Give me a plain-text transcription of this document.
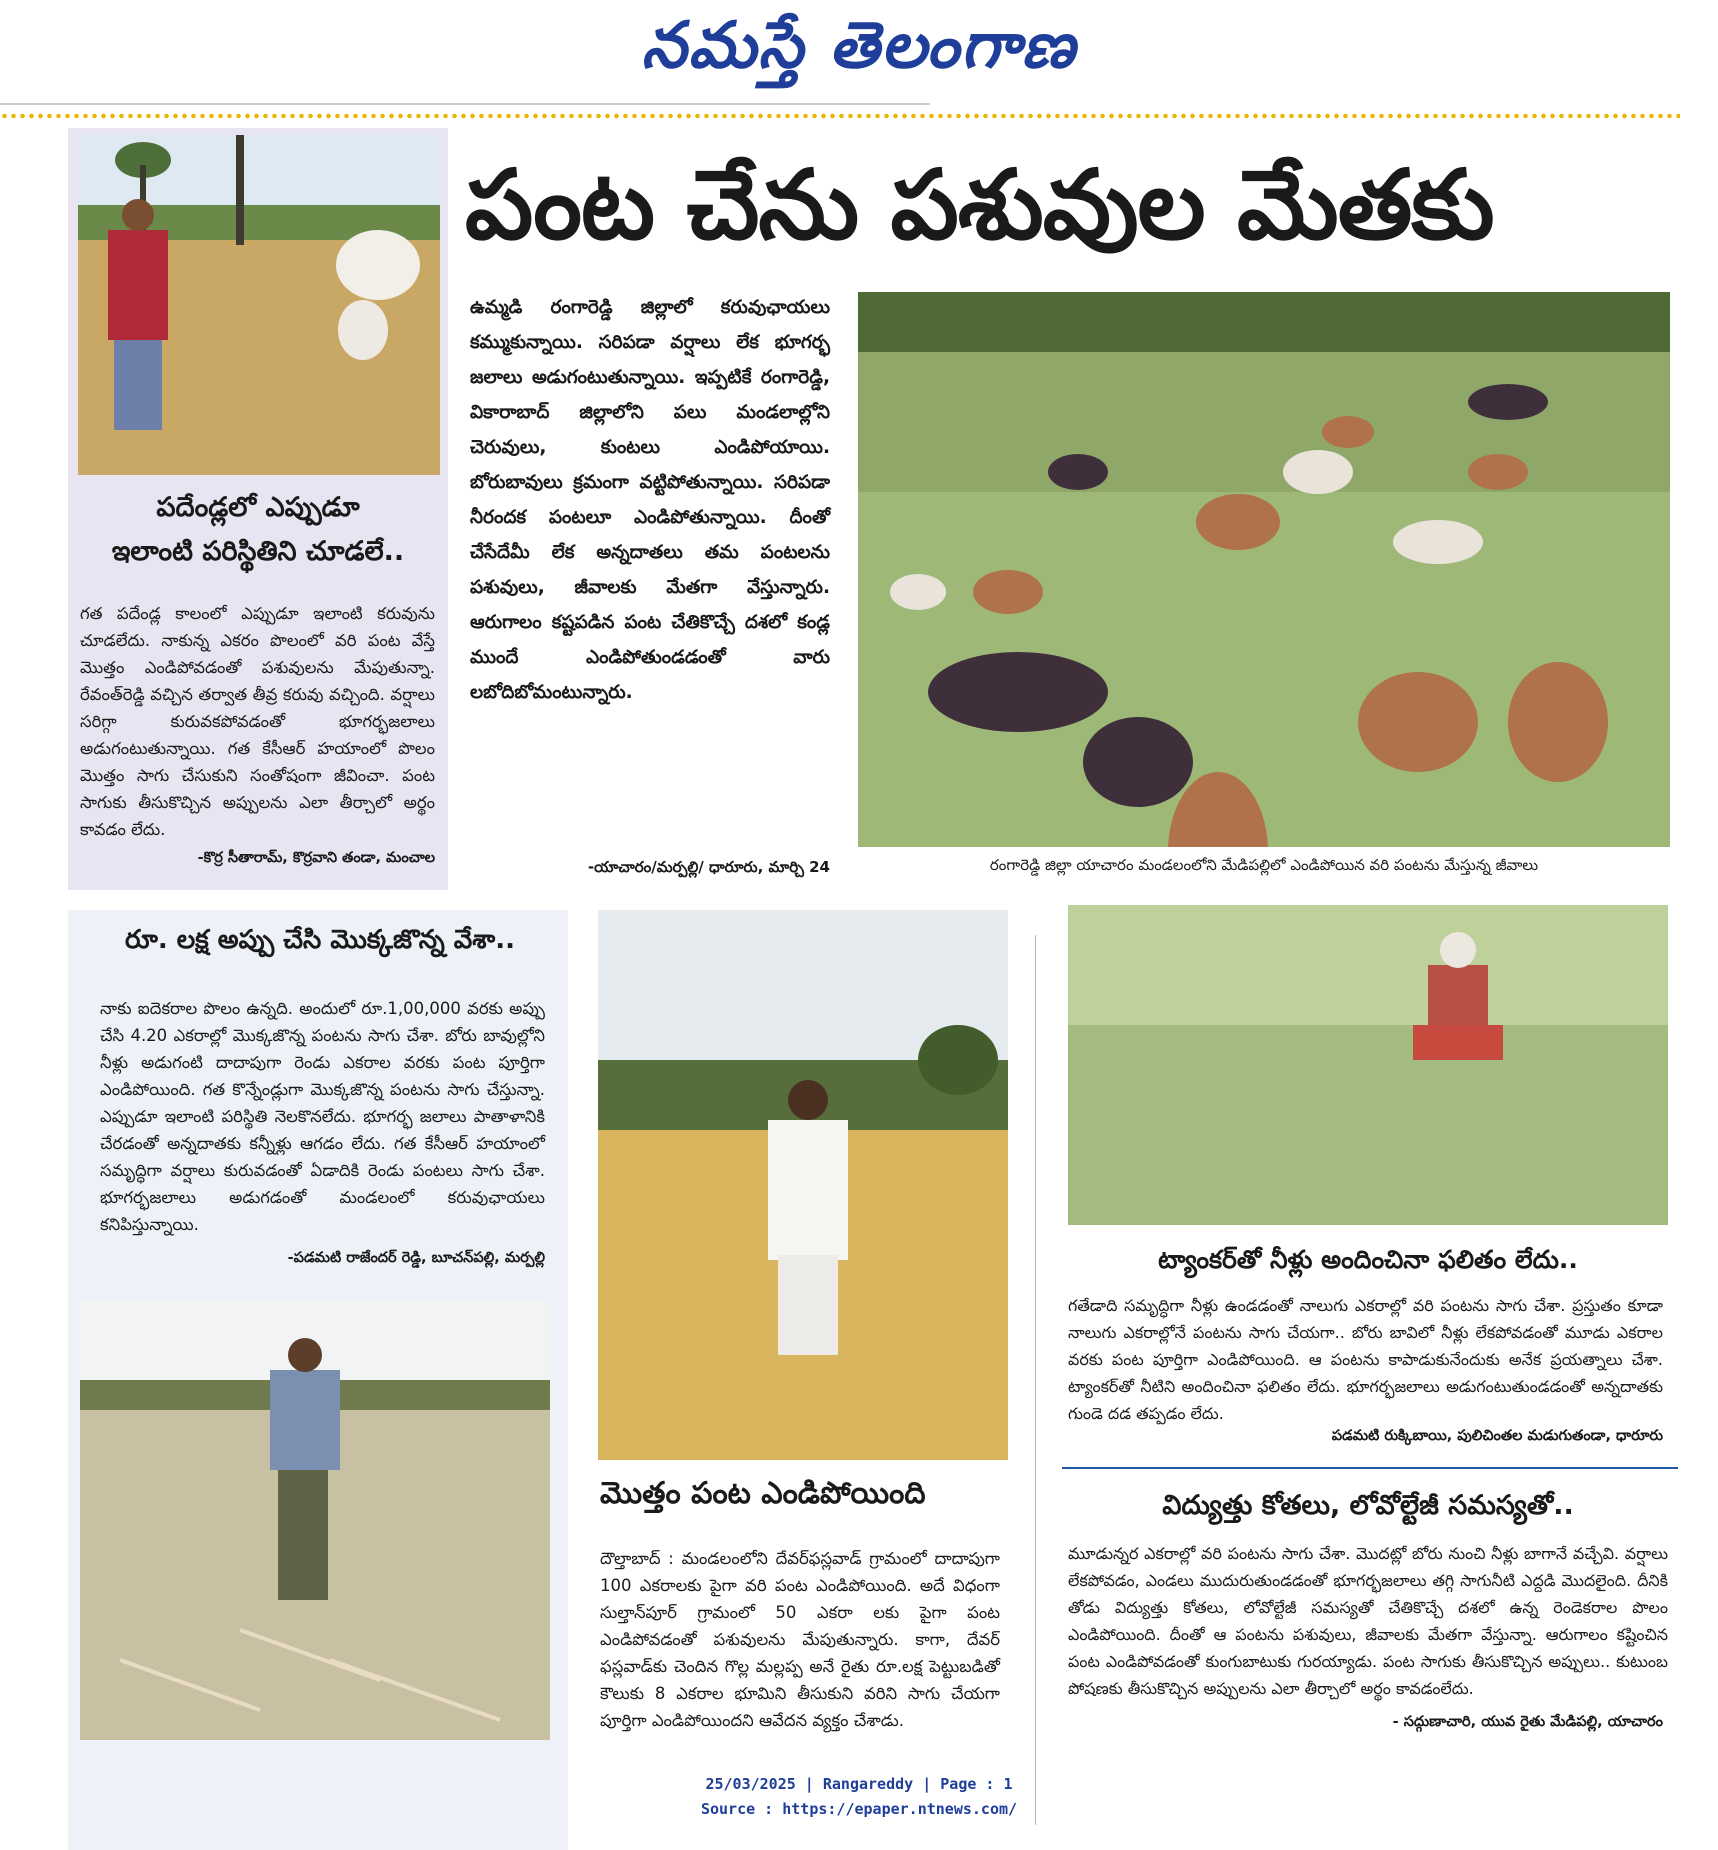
నమస్తే తెలంగాణ
పదేండ్లలో ఎప్పుడూ
ఇలాంటి పరిస్థితిని చూడలే..
గత పదేండ్ల కాలంలో ఎప్పుడూ ఇలాంటి కరువును చూడలేదు. నాకున్న ఎకరం పొలంలో వరి పంట వేస్తే మొత్తం ఎండిపోవడంతో పశువులను మేపుతున్నా. రేవంత్‌రెడ్డి వచ్చిన తర్వాత తీవ్ర కరువు వచ్చింది. వర్షాలు సరిగ్గా కురువకపోవడంతో భూగర్భజలాలు అడుగంటుతున్నాయి. గత కేసీఆర్ హయాంలో పొలం మొత్తం సాగు చేసుకుని సంతోషంగా జీవించా. పంట సాగుకు తీసుకొచ్చిన అప్పులను ఎలా తీర్చాలో అర్థం కావడం లేదు.
-కొర్ర సీతారామ్, కొర్రవాని తండా, మంచాల
పంట చేను పశువుల మేతకు
ఉమ్మడి రంగారెడ్డి జిల్లాలో కరువుఛాయలు కమ్ముకున్నాయి. సరిపడా వర్షాలు లేక భూగర్భ జలాలు అడుగంటుతున్నాయి. ఇప్పటికే రంగారెడ్డి, వికారాబాద్ జిల్లాలోని పలు మండలాల్లోని చెరువులు, కుంటలు ఎండిపోయాయి. బోరుబావులు క్రమంగా వట్టిపోతున్నాయి. సరిపడా నీరందక పంటలూ ఎండిపోతున్నాయి. దీంతో చేసేదేమీ లేక అన్నదాతలు తమ పంటలను పశువులు, జీవాలకు మేతగా వేస్తున్నారు. ఆరుగాలం కష్టపడిన పంట చేతికొచ్చే దశలో కండ్ల ముందే ఎండిపోతుండడంతో వారు లబోదిబోమంటున్నారు.
-యాచారం/మర్పల్లి/ ధారూరు, మార్చి 24	రంగారెడ్డి జిల్లా యాచారం మండలంలోని మేడిపల్లిలో ఎండిపోయిన వరి పంటను మేస్తున్న జీవాలు
రూ. లక్ష అప్పు చేసి మొక్కజొన్న వేశా..
నాకు ఐదెకరాల పొలం ఉన్నది. అందులో రూ.1,00,000 వరకు అప్పు చేసి 4.20 ఎకరాల్లో మొక్కజొన్న పంటను సాగు చేశా. బోరు బావుల్లోని నీళ్లు అడుగంటి దాదాపుగా రెండు ఎకరాల వరకు పంట పూర్తిగా ఎండిపోయింది. గత కొన్నేండ్లుగా మొక్కజొన్న పంటను సాగు చేస్తున్నా. ఎప్పుడూ ఇలాంటి పరిస్థితి నెలకొనలేదు. భూగర్భ జలాలు పాతాళానికి చేరడంతో అన్నదాతకు కన్నీళ్లు ఆగడం లేదు. గత కేసీఆర్ హయాంలో సమృద్ధిగా వర్షాలు కురువడంతో ఏడాదికి రెండు పంటలు సాగు చేశా. భూగర్భజలాలు అడుగడంతో మండలంలో కరువుఛాయలు కనిపిస్తున్నాయి.
-పడమటి రాజేందర్ రెడ్డి, బూచన్‌పల్లి, మర్పల్లి
మొత్తం పంట ఎండిపోయింది
దౌల్తాబాద్ : మండలంలోని దేవర్‌ఫస్లవాడ్ గ్రామంలో దాదాపుగా 100 ఎకరాలకు పైగా వరి పంట ఎండిపోయింది. అదే విధంగా సుల్తాన్‌పూర్ గ్రామంలో 50 ఎకరా లకు పైగా పంట ఎండిపోవడంతో పశువులను మేపుతున్నారు. కాగా, దేవర్ ఫస్లవాడ్‌కు చెందిన గొల్ల మల్లప్ప అనే రైతు రూ.లక్ష పెట్టుబడితో కౌలుకు 8 ఎకరాల భూమిని తీసుకుని వరిని సాగు చేయగా పూర్తిగా ఎండిపోయిందని ఆవేదన వ్యక్తం చేశాడు.
ట్యాంకర్‌తో నీళ్లు అందించినా ఫలితం లేదు..
గతేడాది సమృద్ధిగా నీళ్లు ఉండడంతో నాలుగు ఎకరాల్లో వరి పంటను సాగు చేశా. ప్రస్తుతం కూడా నాలుగు ఎకరాల్లోనే పంటను సాగు చేయగా.. బోరు బావిలో నీళ్లు లేకపోవడంతో మూడు ఎకరాల వరకు పంట పూర్తిగా ఎండిపోయింది. ఆ పంటను కాపాడుకునేందుకు అనేక ప్రయత్నాలు చేశా. ట్యాంకర్‌తో నీటిని అందించినా ఫలితం లేదు. భూగర్భజలాలు అడుగంటుతుండడంతో అన్నదాతకు గుండె దడ తప్పడం లేదు.
పడమటి రుక్కిబాయి, పులిచింతల మడుగుతండా, ధారూరు
విద్యుత్తు కోతలు, లోవోల్టేజీ సమస్యతో..
మూడున్నర ఎకరాల్లో వరి పంటను సాగు చేశా. మొదట్లో బోరు నుంచి నీళ్లు బాగానే వచ్చేవి. వర్షాలు లేకపోవడం, ఎండలు ముదురుతుండడంతో భూగర్భజలాలు తగ్గి సాగునీటి ఎద్దడి మొదలైంది. దీనికి తోడు విద్యుత్తు కోతలు, లోవోల్టేజీ సమస్యతో చేతికొచ్చే దశలో ఉన్న రెండెకరాల పొలం ఎండిపోయింది. దీంతో ఆ పంటను పశువులు, జీవాలకు మేతగా వేస్తున్నా. ఆరుగాలం కష్టించిన పంట ఎండిపోవడంతో కుంగుబాటుకు గురయ్యాడు. పంట సాగుకు తీసుకొచ్చిన అప్పులు.. కుటుంబ పోషణకు తీసుకొచ్చిన అప్పులను ఎలా తీర్చాలో అర్థం కావడంలేదు.
- సద్గుణాచారి, యువ రైతు మేడిపల్లి, యాచారం
25/03/2025 | Rangareddy | Page : 1
Source : https://epaper.ntnews.com/
